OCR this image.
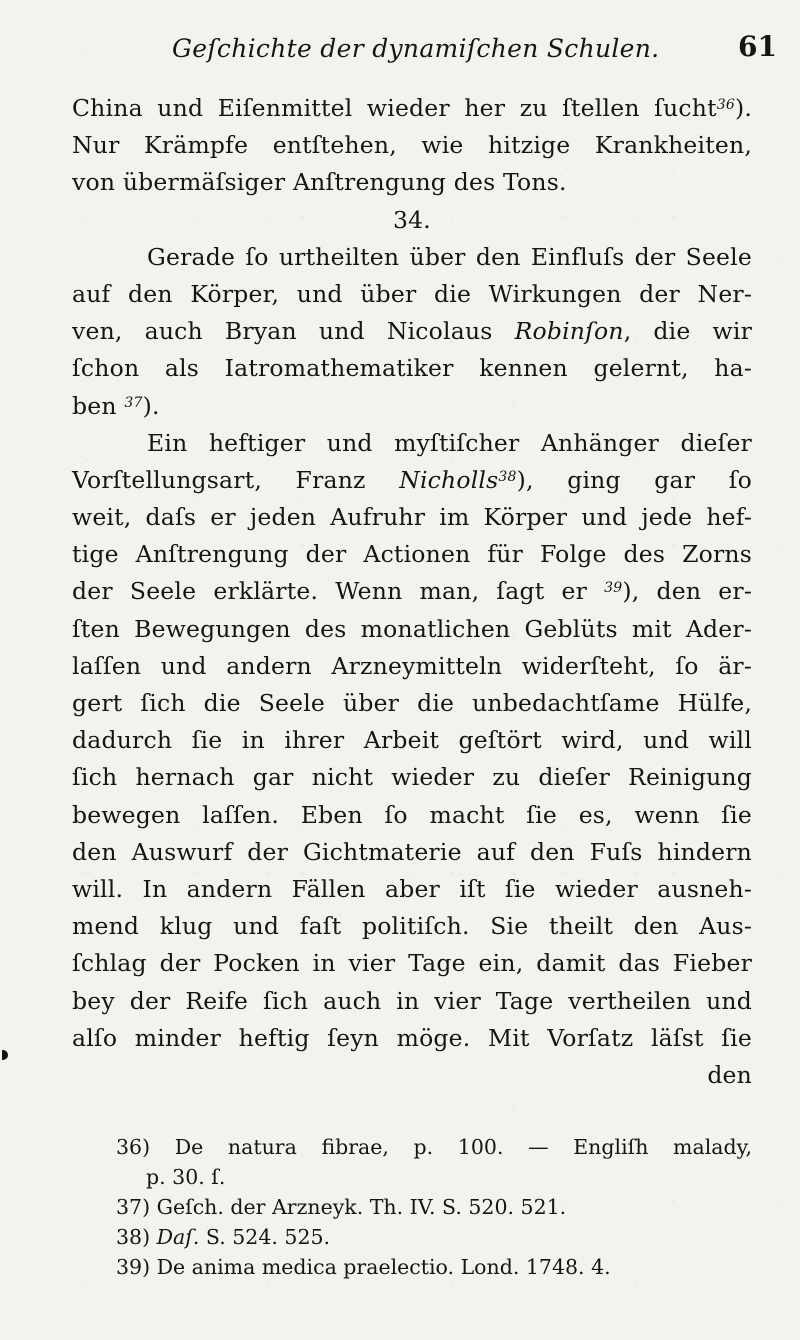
Geſchichte der dynamiſchen Schulen.	61
China und Eiſenmittel wieder her zu ſtellen ſucht$^{36}$).
Nur Krämpfe entſtehen, wie hitzige Krankheiten,
von übermäſsiger Anſtrengung des Tons.
34.
Gerade ſo urtheilten über den Einfluſs der Seele
auf den Körper, und über die Wirkungen der Ner-
ven, auch Bryan und Nicolaus Robinſon, die wir
ſchon als Iatromathematiker kennen gelernt, ha-
ben $^{37}$).
Ein heftiger und myſtiſcher Anhänger dieſer
Vorſtellungsart, Franz Nicholls$^{38}$), ging gar ſo
weit, daſs er jeden Aufruhr im Körper und jede hef-
tige Anſtrengung der Actionen für Folge des Zorns
der Seele erklärte. Wenn man, ſagt er $^{39}$), den er-
ſten Bewegungen des monatlichen Geblüts mit Ader-
laſſen und andern Arzneymitteln widerſteht, ſo är-
gert ſich die Seele über die unbedachtſame Hülfe,
dadurch ſie in ihrer Arbeit geſtört wird, und will
ſich hernach gar nicht wieder zu dieſer Reinigung
bewegen laſſen. Eben ſo macht ſie es, wenn ſie
den Auswurf der Gichtmaterie auf den Fuſs hindern
will. In andern Fällen aber iſt ſie wieder ausneh-
mend klug und faſt politiſch. Sie theilt den Aus-
ſchlag der Pocken in vier Tage ein, damit das Fieber
bey der Reife ſich auch in vier Tage vertheilen und
alſo minder heftig ſeyn möge. Mit Vorſatz läſst ſie
den
36) De natura fibrae, p. 100. — Engliſh malady,
p. 30. ſ.
37) Geſch. der Arzneyk. Th. IV. S. 520. 521.
38) Daſ. S. 524. 525.
39) De anima medica praelectio. Lond. 1748. 4.
